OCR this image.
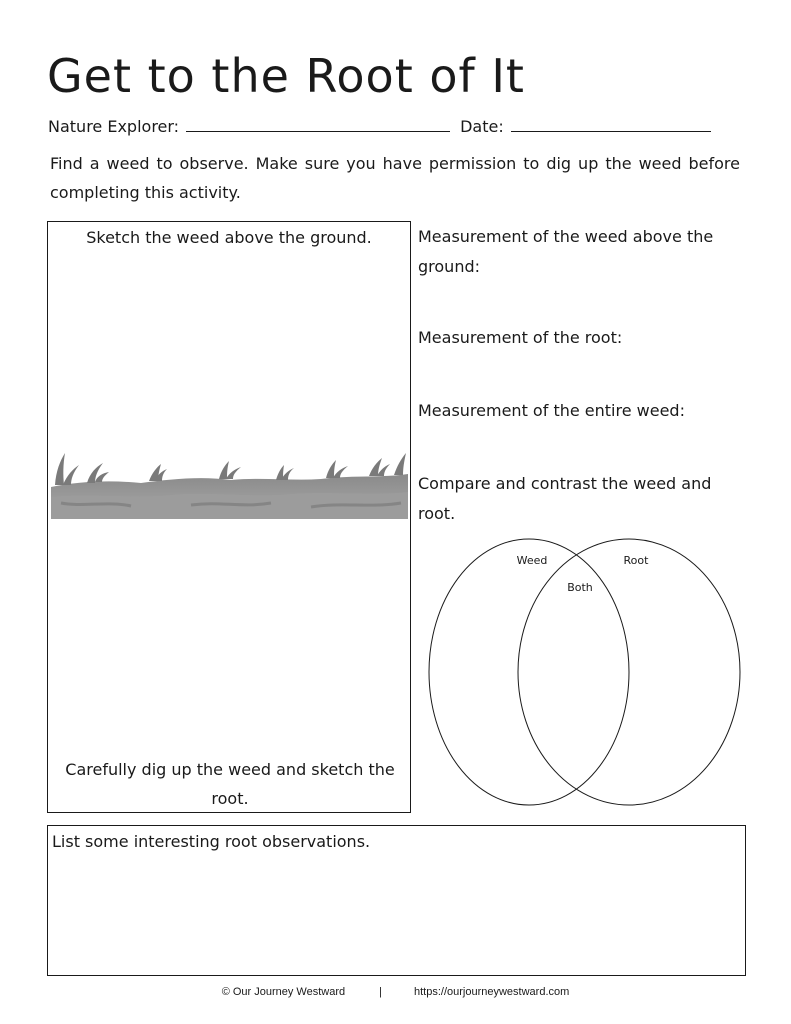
Get to the Root of It
Nature Explorer:	Date:
Find a weed to observe. Make sure you have permission to dig up the weed before completing this activity.
Sketch the weed above the ground.
Carefully dig up the weed and sketch the root.
Measurement of the weed above the ground:
Measurement of the root:
Measurement of the entire weed:
Compare and contrast the weed and root.
Weed	Root
Both
List some interesting root observations.
© Our Journey Westward	|	https://ourjourneywestward.com
